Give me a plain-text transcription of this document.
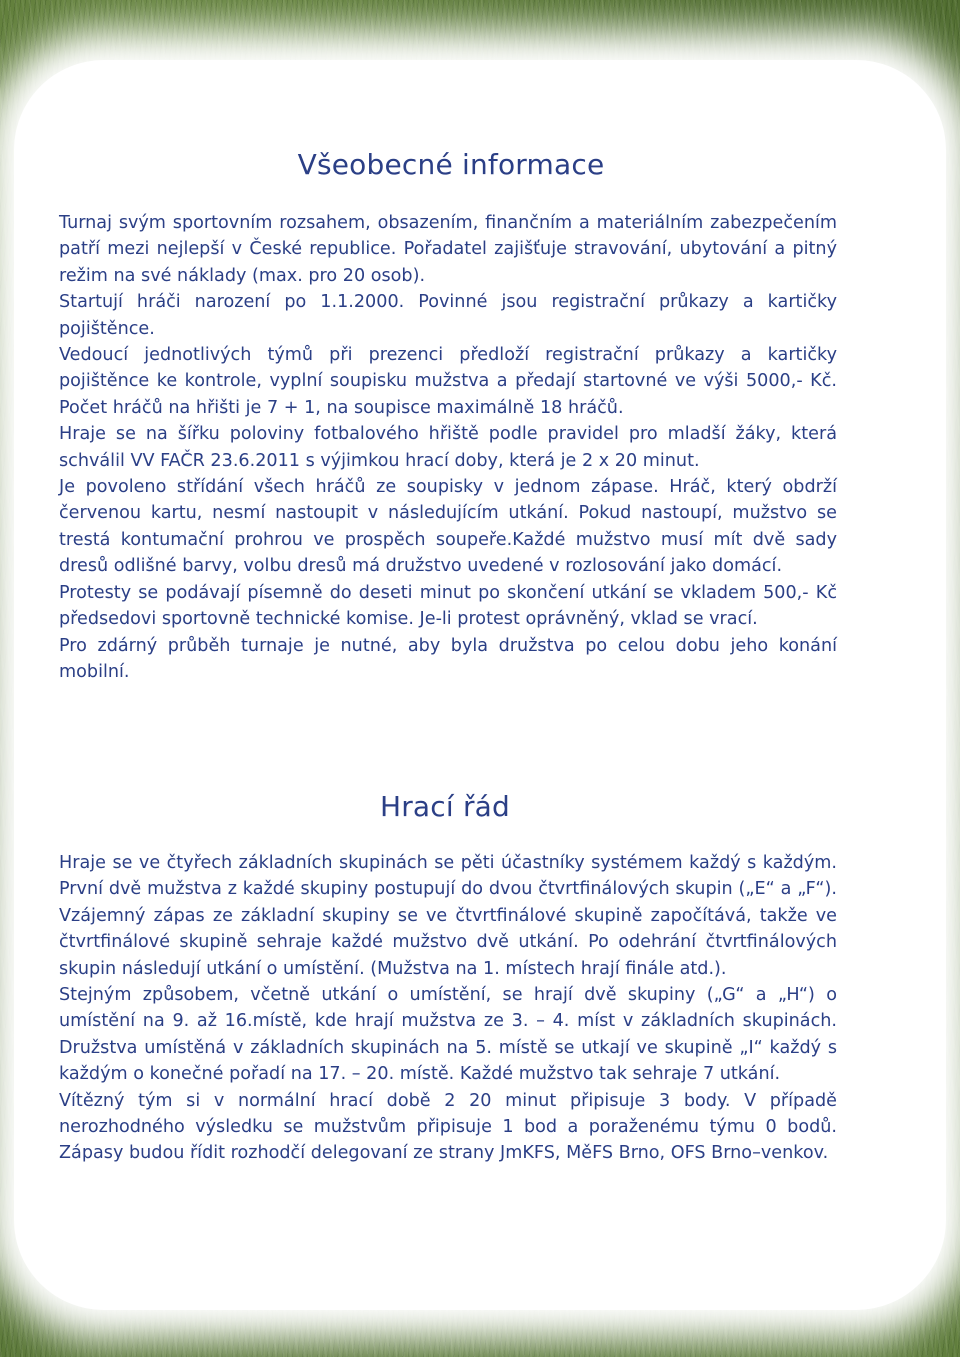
Všeobecné informace

Turnaj svým sportovním rozsahem, obsazením, finančním a materiálním zabezpečením patří mezi nejlepší v České republice. Pořadatel zajišťuje stravování, ubytování a pitný režim na své náklady (max. pro 20 osob).

Startují hráči narození po 1.1.2000. Povinné jsou registrační průkazy a kartičky pojištěnce.

Vedoucí jednotlivých týmů při prezenci předloží registrační průkazy a kartičky pojištěnce ke kontrole, vyplní soupisku mužstva a předají startovné ve výši 5000,- Kč. Počet hráčů na hřišti je 7 + 1, na soupisce maximálně 18 hráčů.

Hraje se na šířku poloviny fotbalového hřiště podle pravidel pro mladší žáky, která schválil VV FAČR 23.6.2011 s výjimkou hrací doby, která je 2 x 20 minut.

Je povoleno střídání všech hráčů ze soupisky v jednom zápase. Hráč, který obdrží červenou kartu, nesmí nastoupit v následujícím utkání. Pokud nastoupí, mužstvo se trestá kontumační prohrou ve prospěch soupeře.Každé mužstvo musí mít dvě sady dresů odlišné barvy, volbu dresů má družstvo uvedené v rozlosování jako domácí.

Protesty se podávají písemně do deseti minut po skončení utkání se vkladem 500,- Kč předsedovi sportovně technické komise. Je-li protest oprávněný, vklad se vrací.

Pro zdárný průběh turnaje je nutné, aby byla družstva po celou dobu jeho konání mobilní.

Hrací řád

Hraje se ve čtyřech základních skupinách se pěti účastníky systémem každý s každým. První dvě mužstva z každé skupiny postupují do dvou čtvrtfinálových skupin („E“ a „F“). Vzájemný zápas ze základní skupiny se ve čtvrtfinálové skupině započítává, takže ve čtvrtfinálové skupině sehraje každé mužstvo dvě utkání. Po odehrání čtvrtfinálových skupin následují utkání o umístění. (Mužstva na 1. místech hrají finále atd.).

Stejným způsobem, včetně utkání o umístění, se hrají dvě skupiny („G“ a „H“) o umístění na 9. až 16.místě, kde hrají mužstva ze 3. – 4. míst v základních skupinách. Družstva umístěná v základních skupinách na 5. místě se utkají ve skupině „I“ každý s každým o konečné pořadí na 17. – 20. místě. Každé mužstvo tak sehraje 7 utkání.

Vítězný tým si v normální hrací době 2 20 minut připisuje 3 body. V případě nerozhodného výsledku se mužstvům připisuje 1 bod a poraženému týmu 0 bodů. Zápasy budou řídit rozhodčí delegovaní ze strany JmKFS, MěFS Brno, OFS Brno–venkov.
